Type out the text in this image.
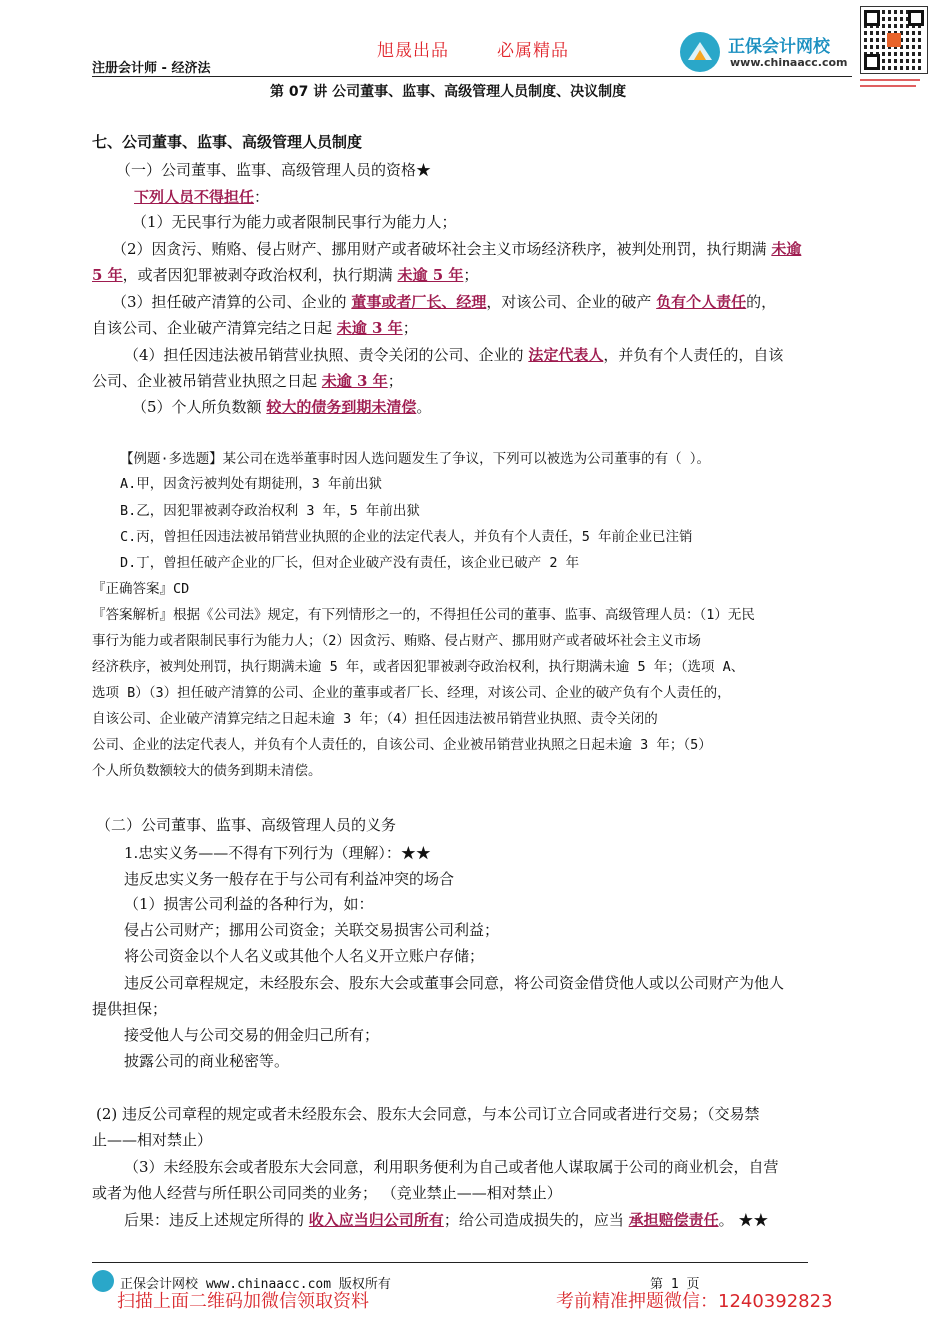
旭晟出品	必属精品
注册会计师 - 经济法
正保会计网校
www.chinaacc.com
第 07 讲 公司董事、监事、高级管理人员制度、决议制度
七、公司董事、监事、高级管理人员制度
（一）公司董事、监事、高级管理人员的资格★
下列人员不得担任：
（1）无民事行为能力或者限制民事行为能力人；
（2）因贪污、贿赂、侵占财产、挪用财产或者破坏社会主义市场经济秩序，被判处刑罚，执行期满 未逾
5 年，或者因犯罪被剥夺政治权利，执行期满 未逾 5 年；
（3）担任破产清算的公司、企业的 董事或者厂长、经理，对该公司、企业的破产 负有个人责任的，
自该公司、企业破产清算完结之日起 未逾 3 年；
（4）担任因违法被吊销营业执照、责令关闭的公司、企业的 法定代表人，并负有个人责任的，自该
公司、企业被吊销营业执照之日起 未逾 3 年；
（5）个人所负数额 较大的债务到期未清偿。
【例题·多选题】某公司在选举董事时因人选问题发生了争议，下列可以被选为公司董事的有（ ）。
A.甲，因贪污被判处有期徒刑，3 年前出狱
B.乙，因犯罪被剥夺政治权利 3 年，5 年前出狱
C.丙，曾担任因违法被吊销营业执照的企业的法定代表人，并负有个人责任，5 年前企业已注销
D.丁，曾担任破产企业的厂长，但对企业破产没有责任，该企业已破产 2 年
『正确答案』CD
『答案解析』根据《公司法》规定，有下列情形之一的，不得担任公司的董事、监事、高级管理人员：（1）无民
事行为能力或者限制民事行为能力人；（2）因贪污、贿赂、侵占财产、挪用财产或者破坏社会主义市场
经济秩序，被判处刑罚，执行期满未逾 5 年，或者因犯罪被剥夺政治权利，执行期满未逾 5 年；（选项 A、
选项 B）（3）担任破产清算的公司、企业的董事或者厂长、经理，对该公司、企业的破产负有个人责任的，
自该公司、企业破产清算完结之日起未逾 3 年；（4）担任因违法被吊销营业执照、责令关闭的
公司、企业的法定代表人，并负有个人责任的，自该公司、企业被吊销营业执照之日起未逾 3 年；（5）
个人所负数额较大的债务到期未清偿。
（二）公司董事、监事、高级管理人员的义务
1.忠实义务——不得有下列行为（理解）：★★
违反忠实义务一般存在于与公司有利益冲突的场合
（1）损害公司利益的各种行为，如：
侵占公司财产；挪用公司资金；关联交易损害公司利益；
将公司资金以个人名义或其他个人名义开立账户存储；
违反公司章程规定，未经股东会、股东大会或董事会同意，将公司资金借贷他人或以公司财产为他人
提供担保；
接受他人与公司交易的佣金归己所有；
披露公司的商业秘密等。
(2) 违反公司章程的规定或者未经股东会、股东大会同意，与本公司订立合同或者进行交易；（交易禁
止——相对禁止）
（3）未经股东会或者股东大会同意，利用职务便利为自己或者他人谋取属于公司的商业机会，自营
或者为他人经营与所任职公司同类的业务； （竞业禁止——相对禁止）
后果：违反上述规定所得的 收入应当归公司所有；给公司造成损失的，应当 承担赔偿责任。 ★★
正保会计网校 www.chinaacc.com 版权所有	第 1 页
扫描上面二维码加微信领取资料	考前精准押题微信：1240392823
